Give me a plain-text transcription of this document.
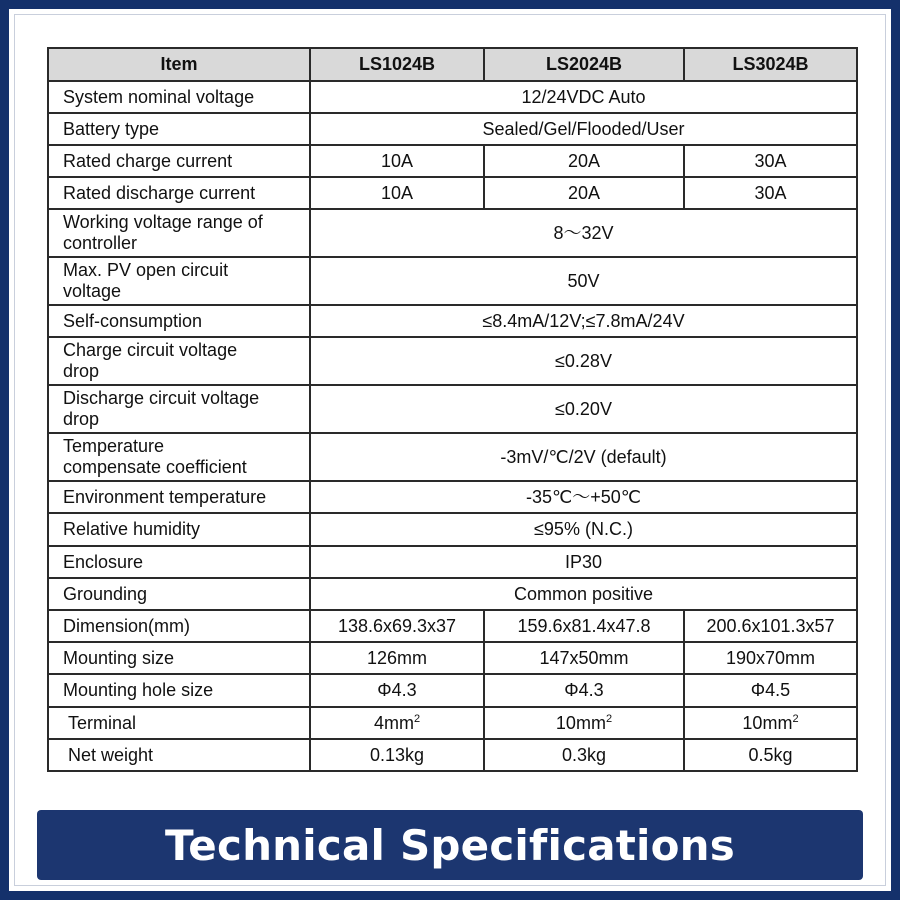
Item	LS1024B	LS2024B	LS3024B
System nominal voltage	12/24VDC Auto		
Battery type	Sealed/Gel/Flooded/User		
Rated charge current	10A	20A	30A
Rated discharge current	10A	20A	30A
Working voltage range of
controller	8～32V		
Max. PV open circuit
voltage	50V		
Self-consumption	≤8.4mA/12V;≤7.8mA/24V		
Charge circuit voltage
drop	≤0.28V		
Discharge circuit voltage
drop	≤0.20V		
Temperature
compensate coefficient	-3mV/℃/2V (default)		
Environment temperature	-35℃～+50℃		
Relative humidity	≤95% (N.C.)		
Enclosure	IP30		
Grounding	Common positive		
Dimension(mm)	138.6x69.3x37	159.6x81.4x47.8	200.6x101.3x57
Mounting size	126mm	147x50mm	190x70mm
Mounting hole size	Φ4.3	Φ4.3	Φ4.5
Terminal	$4mm^2$	$10mm^2$	$10mm^2$
Net weight	0.13kg	0.3kg	0.5kg
Technical Specifications
